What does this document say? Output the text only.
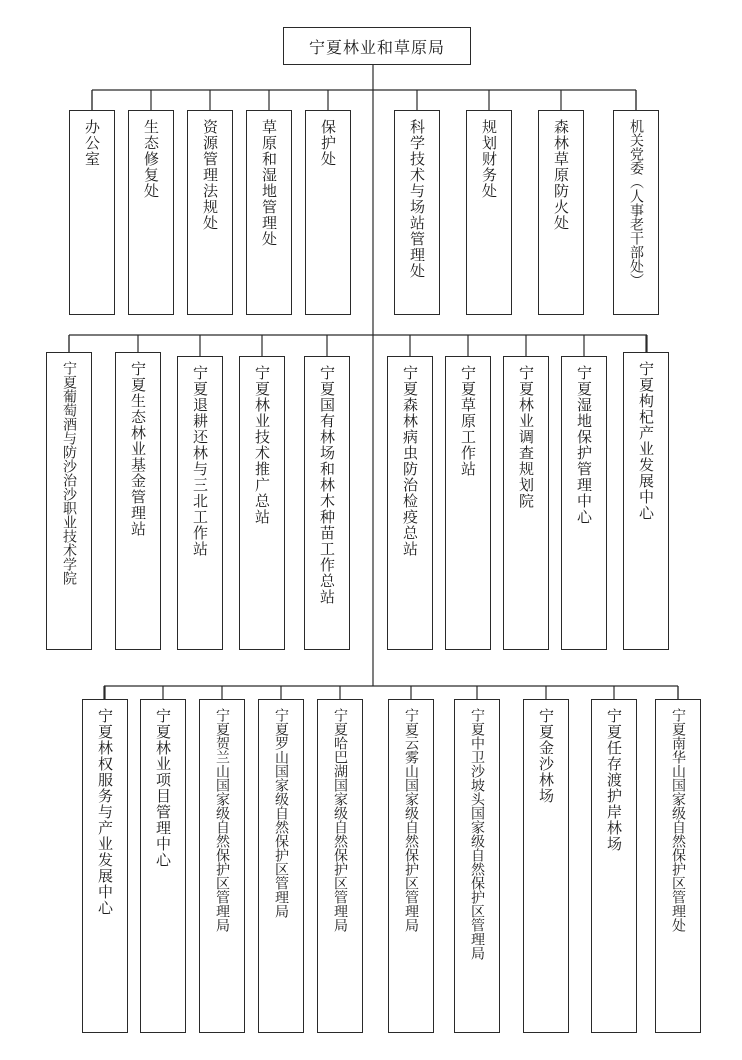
宁夏林业和草原局
办公室	生态修复处	资源管理法规处	草原和湿地管理处	保护处	科学技术与场站管理处	规划财务处	森林草原防火处	机关党委（人事老干部处）
宁夏葡萄酒与防沙治沙职业技术学院	宁夏生态林业基金管理站	宁夏退耕还林与三北工作站	宁夏林业技术推广总站	宁夏国有林场和林木种苗工作总站	宁夏森林病虫防治检疫总站	宁夏草原工作站	宁夏林业调查规划院	宁夏湿地保护管理中心	宁夏枸杞产业发展中心
宁夏林权服务与产业发展中心	宁夏林业项目管理中心	宁夏贺兰山国家级自然保护区管理局	宁夏罗山国家级自然保护区管理局	宁夏哈巴湖国家级自然保护区管理局	宁夏云雾山国家级自然保护区管理局	宁夏中卫沙坡头国家级自然保护区管理局	宁夏金沙林场	宁夏任存渡护岸林场	宁夏南华山国家级自然保护区管理处
